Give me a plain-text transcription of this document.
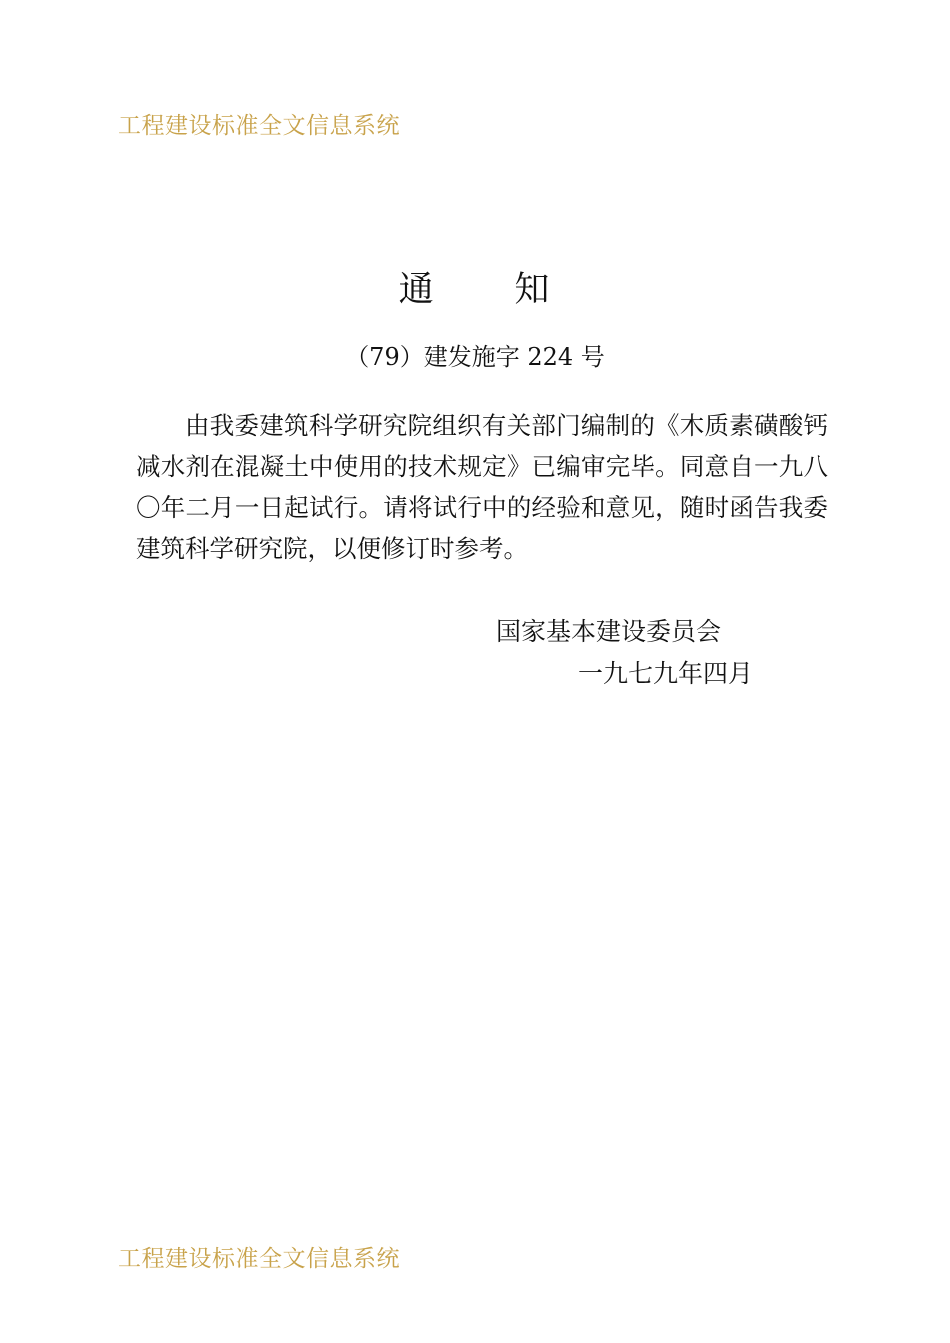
工程建设标准全文信息系统
通      知
（79）建发施字 224 号

由我委建筑科学研究院组织有关部门编制的《木质素磺酸钙减水剂在混凝土中使用的技术规定》已编审完毕。同意自一九八〇年二月一日起试行。请将试行中的经验和意见，随时函告我委建筑科学研究院，以便修订时参考。

国家基本建设委员会
一九七九年四月
工程建设标准全文信息系统
